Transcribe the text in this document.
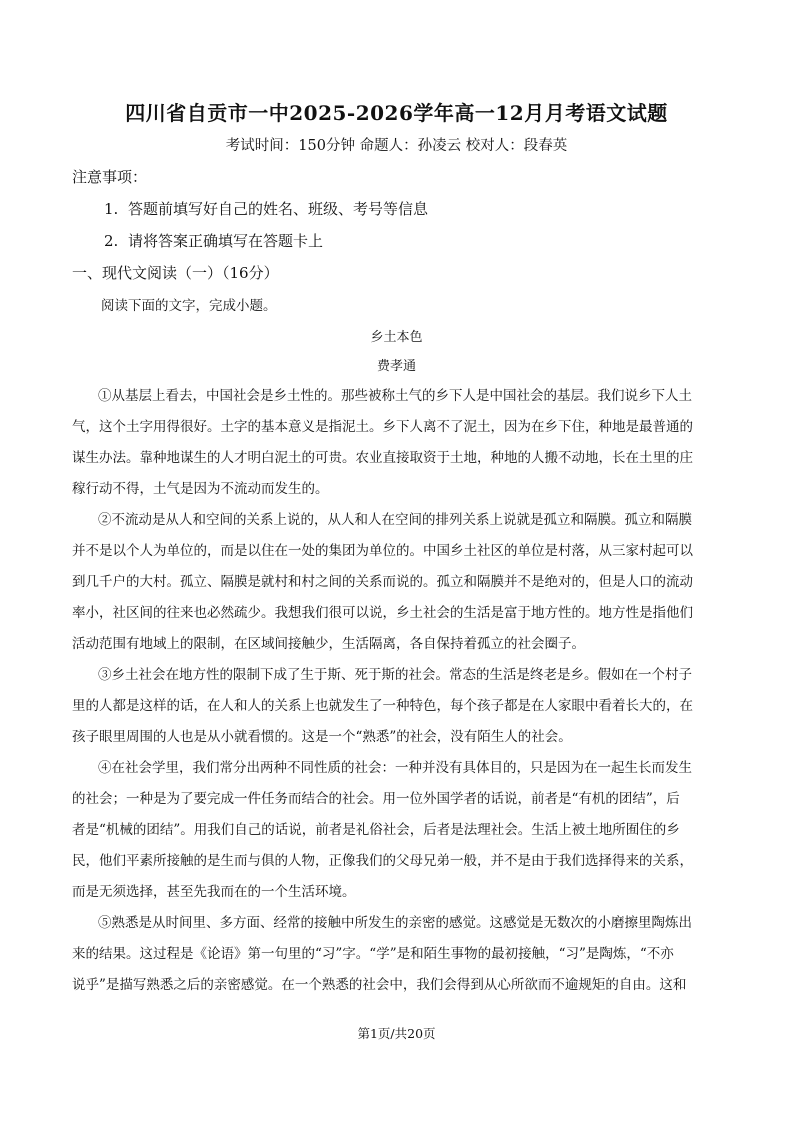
四川省自贡市一中2025-2026学年高一12月月考语文试题
考试时间：150分钟 命题人：孙凌云 校对人：段春英
注意事项：
1. 答题前填写好自己的姓名、班级、考号等信息
2. 请将答案正确填写在答题卡上
一、现代文阅读（一）（16分）
阅读下面的文字，完成小题。
乡土本色
费孝通
①从基层上看去，中国社会是乡土性的。那些被称土气的乡下人是中国社会的基层。我们说乡下人土
气，这个土字用得很好。土字的基本意义是指泥土。乡下人离不了泥土，因为在乡下住，种地是最普通的
谋生办法。靠种地谋生的人才明白泥土的可贵。农业直接取资于土地，种地的人搬不动地，长在土里的庄
稼行动不得，土气是因为不流动而发生的。
②不流动是从人和空间的关系上说的，从人和人在空间的排列关系上说就是孤立和隔膜。孤立和隔膜
并不是以个人为单位的，而是以住在一处的集团为单位的。中国乡土社区的单位是村落，从三家村起可以
到几千户的大村。孤立、隔膜是就村和村之间的关系而说的。孤立和隔膜并不是绝对的，但是人口的流动
率小，社区间的往来也必然疏少。我想我们很可以说，乡土社会的生活是富于地方性的。地方性是指他们
活动范围有地域上的限制，在区域间接触少，生活隔离，各自保持着孤立的社会圈子。
③乡土社会在地方性的限制下成了生于斯、死于斯的社会。常态的生活是终老是乡。假如在一个村子
里的人都是这样的话，在人和人的关系上也就发生了一种特色，每个孩子都是在人家眼中看着长大的，在
孩子眼里周围的人也是从小就看惯的。这是一个“熟悉”的社会，没有陌生人的社会。
④在社会学里，我们常分出两种不同性质的社会：一种并没有具体目的，只是因为在一起生长而发生
的社会；一种是为了要完成一件任务而结合的社会。用一位外国学者的话说，前者是“有机的团结”，后
者是“机械的团结”。用我们自己的话说，前者是礼俗社会，后者是法理社会。生活上被土地所囿住的乡
民，他们平素所接触的是生而与俱的人物，正像我们的父母兄弟一般，并不是由于我们选择得来的关系，
而是无须选择，甚至先我而在的一个生活环境。
⑤熟悉是从时间里、多方面、经常的接触中所发生的亲密的感觉。这感觉是无数次的小磨擦里陶炼出
来的结果。这过程是《论语》第一句里的“习”字。“学”是和陌生事物的最初接触，“习”是陶炼，“不亦
说乎”是描写熟悉之后的亲密感觉。在一个熟悉的社会中，我们会得到从心所欲而不逾规矩的自由。这和
第1页/共20页
